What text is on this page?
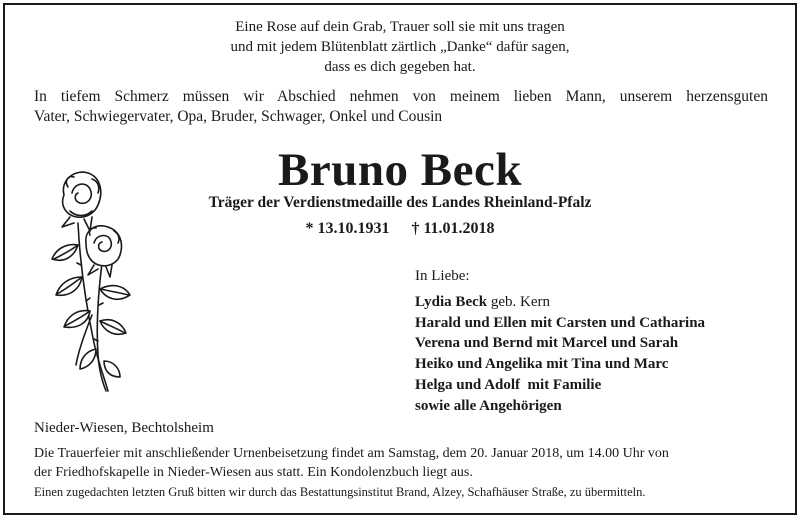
Eine Rose auf dein Grab, Trauer soll sie mit uns tragen
und mit jedem Blütenblatt zärtlich „Danke“ dafür sagen,
dass es dich gegeben hat.
In tiefem Schmerz müssen wir Abschied nehmen von meinem lieben Mann, unserem herzensguten
Vater, Schwiegervater, Opa, Bruder, Schwager, Onkel und Cousin
Bruno Beck
Träger der Verdienstmedaille des Landes Rheinland-Pfalz
* 13.10.1931 † 11.01.2018
In Liebe:
Lydia Beck geb. Kern
Harald und Ellen mit Carsten und Catharina
Verena und Bernd mit Marcel und Sarah
Heiko und Angelika mit Tina und Marc
Helga und Adolf  mit Familie
sowie alle Angehörigen
Nieder-Wiesen, Bechtolsheim
Die Trauerfeier mit anschließender Urnenbeisetzung findet am Samstag, dem 20. Januar 2018, um 14.00 Uhr von
der Friedhofskapelle in Nieder-Wiesen aus statt. Ein Kondolenzbuch liegt aus.
Einen zugedachten letzten Gruß bitten wir durch das Bestattungsinstitut Brand, Alzey, Schafhäuser Straße, zu übermitteln.
